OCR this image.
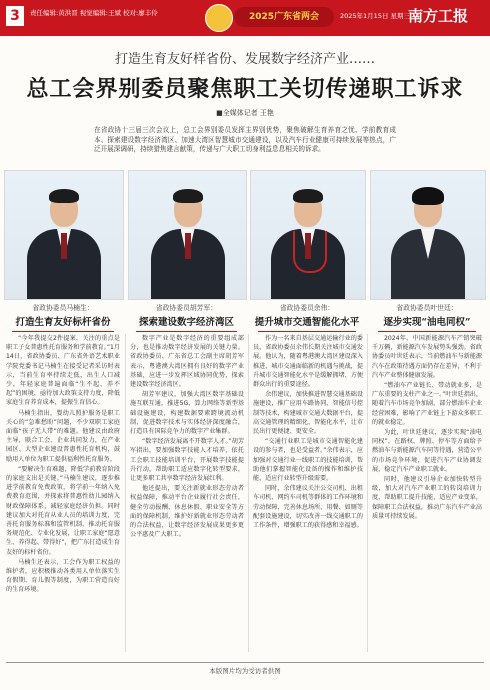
3	责任编辑:黄洪晋 视觉编辑:王斌 校对:廖丰伶	2025广东省两会	2025年1月15日 星期三
南方工报
打造生育友好样省份、发展数字经济产业……
总工会界别委员聚焦职工关切传递职工诉求
■全媒体记者 王艳
在省政协十三届三次会议上，总工会界别委员发挥主界别优势，聚焦破解生育养育之忧、学前教育成本、探索建设数字经济湾区、加速大湾区智慧城市交通建设，以及汽车行业健康可持续发展等热点，广泛开展深调研，持续猎焦建言献策，传递与广大职工切身利益息息相关的诉求。
省政协委员马楠生：
打造生育友好标杆省份
省政协委员胡芳军：
探索建设数字经济湾区
省政协委员余伟：
提升城市交通智能化水平
省政协委员叶世廷：
逐步实现“油电同权”

“今年我提交2件提案，关注的重点是职工子女普惠性托育服务和学前教育。”1月14日，省政协委员、广东省外语艺术职业学院党委书记马楠生在接受记者采访时表示，当前生育率持续走低，出生人口减少，年轻家庭普遍面临“生不起、养不起”的困境，亟待加大政策支持力度，降低家庭生育养育成本，提振生育信心。

马楠生指出，婴幼儿照护服务是职工关心的“急难愁盼”问题，不少双职工家庭面临“孩子无人带”的难题。他建议由政府主导，联合工会、企业共同发力，在产业园区、大型企业建设普惠性托育机构，鼓励用人单位为职工提供福利性托育服务。

“要解决生育难题，降低学前教育阶段的家庭支出是关键。”马楠生建议，逐步推进学前教育免费政策，将学前一年纳入免费教育范围，并探索将普惠性幼儿园纳入财政保障体系，减轻家庭经济负担。同时建议加大对托育从业人员的培训力度，完善托育服务标准和监管机制，推动托育服务规范化、专业化发展，让职工家庭“愿意生、养得起、带得好”，把广东打造成生育友好的标杆省份。

马楠生还表示，工会作为职工权益的维护者，应积极推动各类用人单位落实生育假期、育儿假等制度，为职工营造良好的生育环境。

数字产业是数字经济的重要组成部分，也是推动数字经济发展的关键力量。省政协委员、广东省总工会副主席胡芳军表示，粤港澳大湾区拥有良好的数字产业基础，应进一步发挥区域协同优势，探索建设数字经济湾区。

胡芳军建议，加强大湾区数字基础设施互联互通，推进5G、算力网络等新型基础设施建设，构建数据要素跨境流动机制，促进数字技术与实体经济深度融合，打造具有国际竞争力的数字产业集群。

“数字经济发展离不开数字人才。”胡芳军指出，要加强数字技能人才培养，依托工会职工技能培训平台，开展数字技能提升行动，帮助职工适应数字化转型要求，让更多职工共享数字经济发展红利。

他还提出，要关注新就业形态劳动者权益保障，推动平台企业履行社会责任，健全劳动报酬、休息休假、职业安全等方面的保障机制，维护好新就业形态劳动者的合法权益，让数字经济发展成果更多更公平惠及广大职工。

作为一名来自基层交通运输行业的委员，省政协委员余伟长期关注城市交通发展。他认为，随着粤港澳大湾区建设深入推进，城市交通面临新的机遇与挑战，提升城市交通智能化水平是缓解拥堵、方便群众出行的重要途径。

余伟建议，加快推进智慧交通基础设施建设，推广应用车路协同、智能信号控制等技术，构建城市交通大数据平台，提高交通管理的精细化、智能化水平，让市民出行更便捷、更安全。

“交通行业职工是城市交通智能化建设的参与者，也是受益者。”余伟表示，应加强对交通行业一线职工的技能培训，帮助他们掌握智能化设备的操作和维护技能，适应行业转型升级需要。

同时，余伟建议关注公交司机、出租车司机、网约车司机等群体的工作环境和劳动保障，完善休息场所、用餐、如厕等配套设施建设，切实改善一线交通职工的工作条件，增强职工的获得感和幸福感。

2024年，中国新能源汽车产销突破千万辆，新能源汽车发展势头强劲。省政协委员叶世廷表示，当前燃油车与新能源汽车在政策待遇方面仍存在差异，不利于汽车产业整体健康发展。

“燃油车产业链长、带动就业多，是广东重要的支柱产业之一。”叶世廷指出，随着汽车市场竞争加剧，部分燃油车企业经营困难，影响了产业链上下游众多职工的就业稳定。

为此，叶世廷建议，逐步实现“油电同权”，在路权、牌照、停车等方面给予燃油车与新能源汽车同等待遇，营造公平的市场竞争环境，促进汽车产业协调发展，稳定汽车产业职工就业。

同时，他建议引导企业加快转型升级，加大对汽车产业职工的转岗培训力度，帮助职工提升技能、适应产业变革，保障职工合法权益，推动广东汽车产业高质量可持续发展。

本版图片均为受访者供图
